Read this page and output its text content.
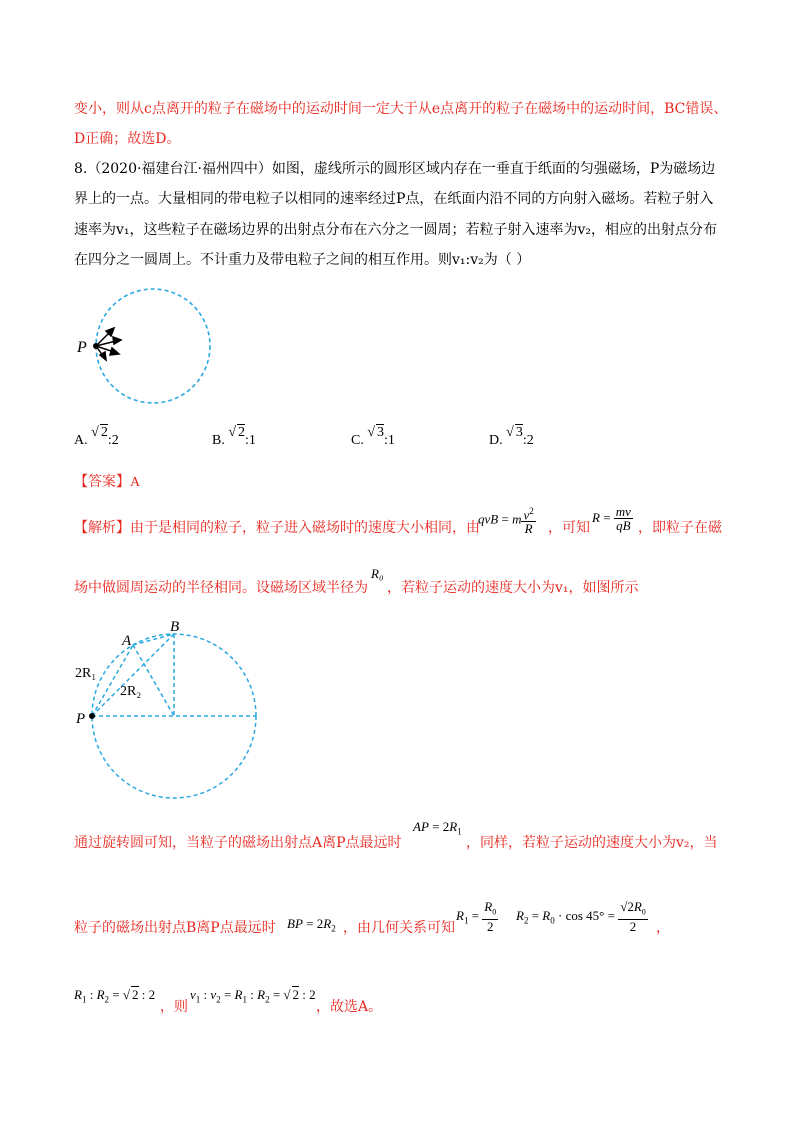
变小，则从c点离开的粒子在磁场中的运动时间一定大于从e点离开的粒子在磁场中的运动时间，BC错误、
D正确；故选D。
8.（2020·福建台江·福州四中）如图，虚线所示的圆形区域内存在一垂直于纸面的匀强磁场，P为磁场边
界上的一点。大量相同的带电粒子以相同的速率经过P点，在纸面内沿不同的方向射入磁场。若粒子射入
速率为v₁，这些粒子在磁场边界的出射点分布在六分之一圆周；若粒子射入速率为v₂，相应的出射点分布
在四分之一圆周上。不计重力及带电粒子之间的相互作用。则v₁:v₂为（ ）
P
A. √ 2:2	B. √ 2:1	C. √ 3:1	D. √ 3:2
【答案】A
【解析】由于是相同的粒子，粒子进入磁场时的速度大小相同，由
qvB = m $\frac{v^2}{R}$ ，可知
$R = \frac{mv}{qB}$ ，即粒子在磁
场中做圆周运动的半径相同。设磁场区域半径为
R₀
，若粒子运动的速度大小为v₁，如图所示
A
B
P
2R₁
2R₂
通过旋转圆可知，当粒子的磁场出射点A离P点最远时
AP = $2R_1$
，同样，若粒子运动的速度大小为v₂，当
粒子的磁场出射点B离P点最远时 BP = $2R_2$ ，由几何关系可知
$R_1 = \frac{R_0}{2} R_2 = R_0 \cdot \cos 45^\circ = \frac{√2R_0}{2}$ ，
$R_1$ : $R_2$ = √ 2 : 2
，则
$v_1$ : $v_2 = R_1$ : $R_2$ = √ 2 : 2
，故选A。
